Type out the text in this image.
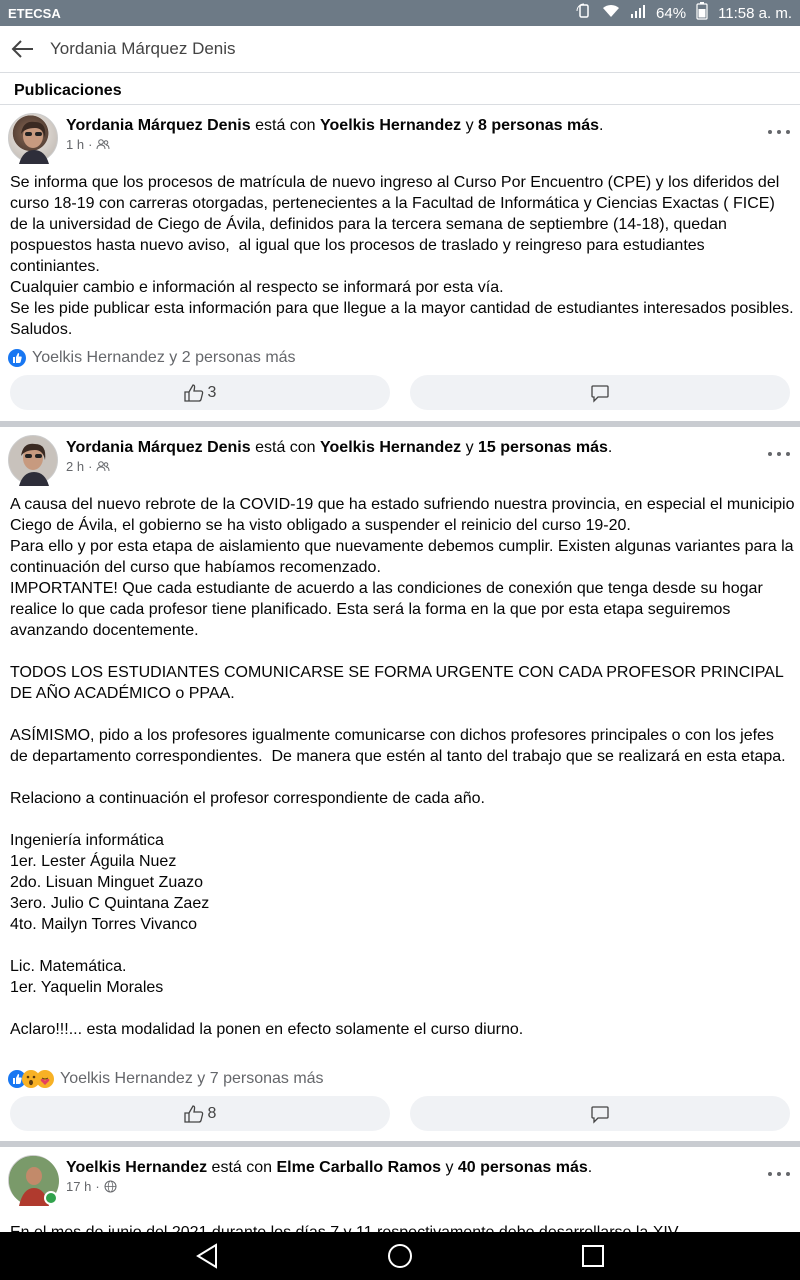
ETECSA	64% 11:58 a. m.
Yordania Márquez Denis
Publicaciones
Yordania Márquez Denis está con Yoelkis Hernandez y 8 personas más.
1 h ·
Se informa que los procesos de matrícula de nuevo ingreso al Curso Por Encuentro (CPE) y los diferidos del curso 18-19 con carreras otorgadas, pertenecientes a la Facultad de Informática y Ciencias Exactas ( FICE) de la universidad de Ciego de Ávila, definidos para la tercera semana de septiembre (14-18), quedan pospuestos hasta nuevo aviso,  al igual que los procesos de traslado y reingreso para estudiantes continiantes.
Cualquier cambio e información al respecto se informará por esta vía.
Se les pide publicar esta información para que llegue a la mayor cantidad de estudiantes interesados posibles. Saludos.
Yoelkis Hernandez y 2 personas más
3
Yordania Márquez Denis está con Yoelkis Hernandez y 15 personas más.
2 h ·
A causa del nuevo rebrote de la COVID-19 que ha estado sufriendo nuestra provincia, en especial el municipio Ciego de Ávila, el gobierno se ha visto obligado a suspender el reinicio del curso 19-20.
Para ello y por esta etapa de aislamiento que nuevamente debemos cumplir. Existen algunas variantes para la continuación del curso que habíamos recomenzado.
IMPORTANTE! Que cada estudiante de acuerdo a las condiciones de conexión que tenga desde su hogar realice lo que cada profesor tiene planificado. Esta será la forma en la que por esta etapa seguiremos avanzando docentemente.

TODOS LOS ESTUDIANTES COMUNICARSE SE FORMA URGENTE CON CADA PROFESOR PRINCIPAL DE AÑO ACADÉMICO o PPAA.

ASÍMISMO, pido a los profesores igualmente comunicarse con dichos profesores principales o con los jefes de departamento correspondientes.  De manera que estén al tanto del trabajo que se realizará en esta etapa.

Relaciono a continuación el profesor correspondiente de cada año.

Ingeniería informática
1er. Lester Águila Nuez
2do. Lisuan Minguet Zuazo
3ero. Julio C Quintana Zaez
4to. Mailyn Torres Vivanco

Lic. Matemática.
1er. Yaquelin Morales

Aclaro!!!... esta modalidad la ponen en efecto solamente el curso diurno.
Yoelkis Hernandez y 7 personas más
8
Yoelkis Hernandez está con Elme Carballo Ramos y 40 personas más.
17 h ·
